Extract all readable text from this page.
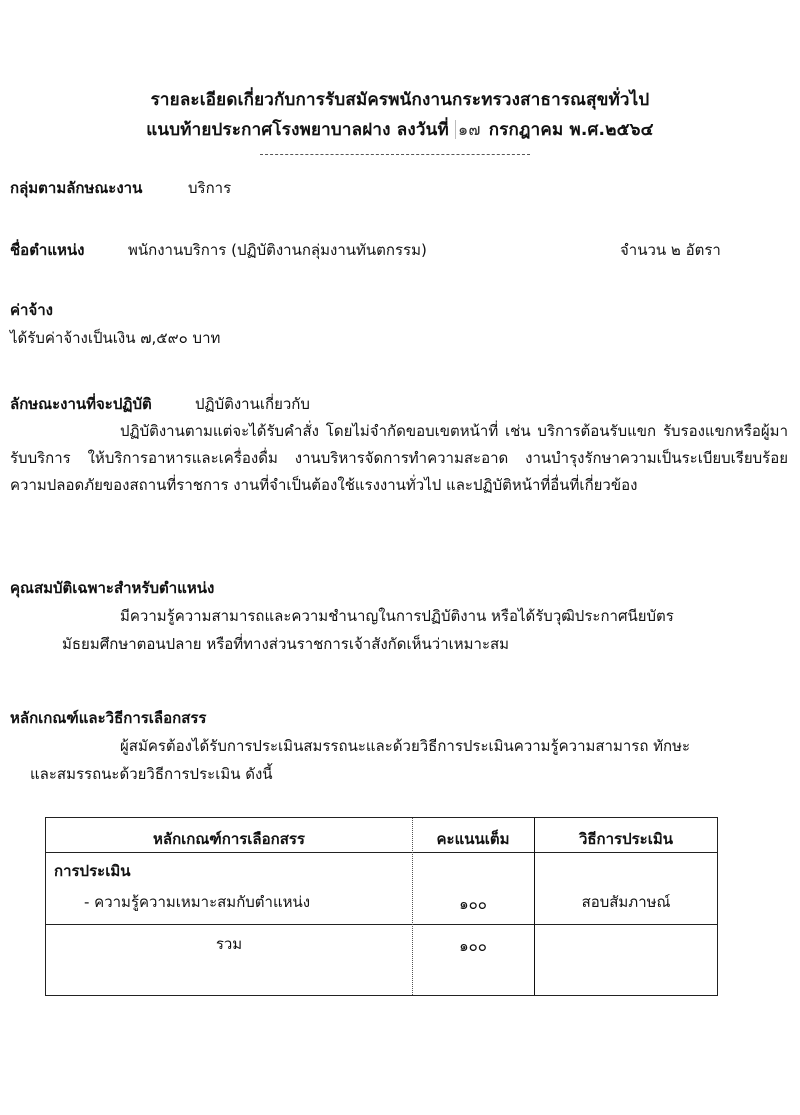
รายละเอียดเกี่ยวกับการรับสมัครพนักงานกระทรวงสาธารณสุขทั่วไป
แนบท้ายประกาศโรงพยาบาลฝาง ลงวันที่ ๑๗ กรกฎาคม พ.ศ.๒๕๖๔
กลุ่มตามลักษณะงาน	บริการ
ชื่อตำแหน่ง	พนักงานบริการ (ปฏิบัติงานกลุ่มงานทันตกรรม)	จำนวน ๒ อัตรา
ค่าจ้าง
ได้รับค่าจ้างเป็นเงิน ๗,๕๙๐ บาท
ลักษณะงานที่จะปฏิบัติ	ปฏิบัติงานเกี่ยวกับ
ปฏิบัติงานตามแต่จะได้รับคำสั่ง โดยไม่จำกัดขอบเขตหน้าที่ เช่น บริการต้อนรับแขก รับรองแขกหรือผู้มารับบริการ ให้บริการอาหารและเครื่องดื่ม งานบริหารจัดการทำความสะอาด งานบำรุงรักษาความเป็นระเบียบเรียบร้อย ความปลอดภัยของสถานที่ราชการ งานที่จำเป็นต้องใช้แรงงานทั่วไป และปฏิบัติหน้าที่อื่นที่เกี่ยวข้อง
คุณสมบัติเฉพาะสำหรับตำแหน่ง
มีความรู้ความสามารถและความชำนาญในการปฏิบัติงาน หรือได้รับวุฒิประกาศนียบัตร
มัธยมศึกษาตอนปลาย หรือที่ทางส่วนราชการเจ้าสังกัดเห็นว่าเหมาะสม
หลักเกณฑ์และวิธีการเลือกสรร
ผู้สมัครต้องได้รับการประเมินสมรรถนะและด้วยวิธีการประเมินความรู้ความสามารถ ทักษะ
และสมรรถนะด้วยวิธีการประเมิน ดังนี้
หลักเกณฑ์การเลือกสรร	คะแนนเต็ม	วิธีการประเมิน
การประเมิน
- ความรู้ความเหมาะสมกับตำแหน่ง	๑๐๐	สอบสัมภาษณ์
รวม	๑๐๐
